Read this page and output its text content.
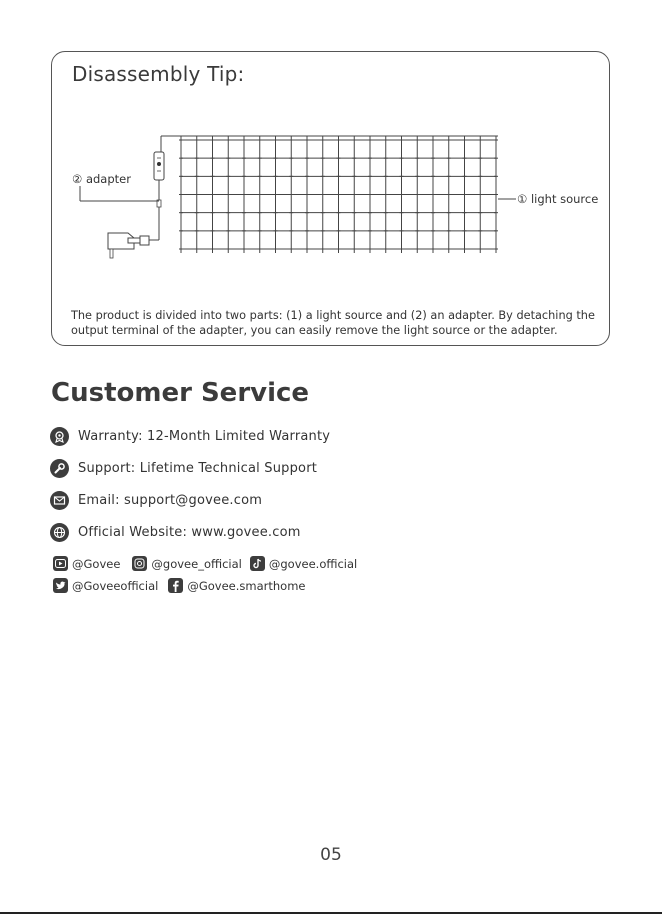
Disassembly Tip:
② adapter
① light source
The product is divided into two parts: (1) a light source and (2) an adapter. By detaching the output terminal of the adapter, you can easily remove the light source or the adapter.
Customer Service
Warranty: 12-Month Limited Warranty
Support: Lifetime Technical Support
Email: support@govee.com
Official Website: www.govee.com
@Govee	@govee_official @govee.official
@Goveeofficial	@Govee.smarthome
05
